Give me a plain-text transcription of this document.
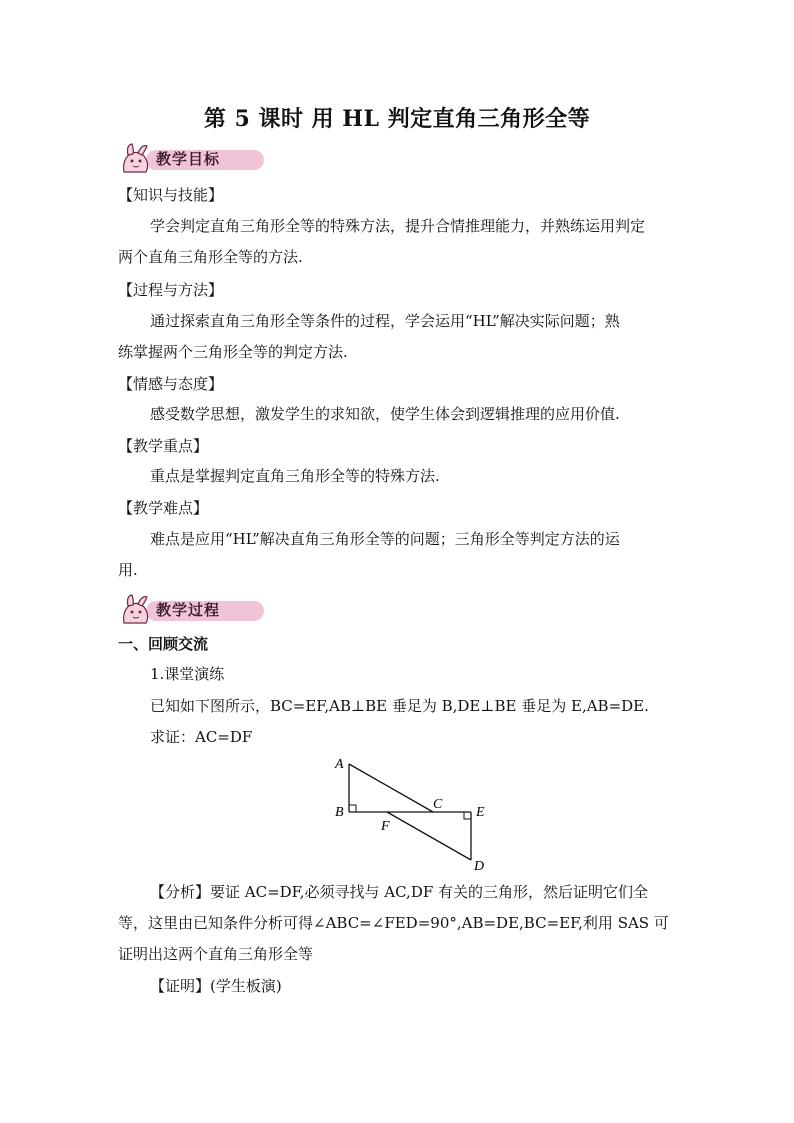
第 5 课时 用 HL 判定直角三角形全等
教学目标
【知识与技能】
学会判定直角三角形全等的特殊方法，提升合情推理能力，并熟练运用判定
两个直角三角形全等的方法.
【过程与方法】
通过探索直角三角形全等条件的过程，学会运用“HL”解决实际问题；熟
练掌握两个三角形全等的判定方法.
【情感与态度】
感受数学思想，激发学生的求知欲，使学生体会到逻辑推理的应用价值.
【教学重点】
重点是掌握判定直角三角形全等的特殊方法.
【教学难点】
难点是应用“HL”解决直角三角形全等的问题；三角形全等判定方法的运
用.
教学过程
一、回顾交流
1.课堂演练
已知如下图所示，BC=EF,AB⊥BE 垂足为 B,DE⊥BE 垂足为 E,AB=DE.
求证：AC=DF
A
B
C
E
F
D
【分析】要证 AC=DF,必须寻找与 AC,DF 有关的三角形，然后证明它们全
等，这里由已知条件分析可得∠ABC=∠FED=90°,AB=DE,BC=EF,利用 SAS 可
证明出这两个直角三角形全等
【证明】(学生板演)
